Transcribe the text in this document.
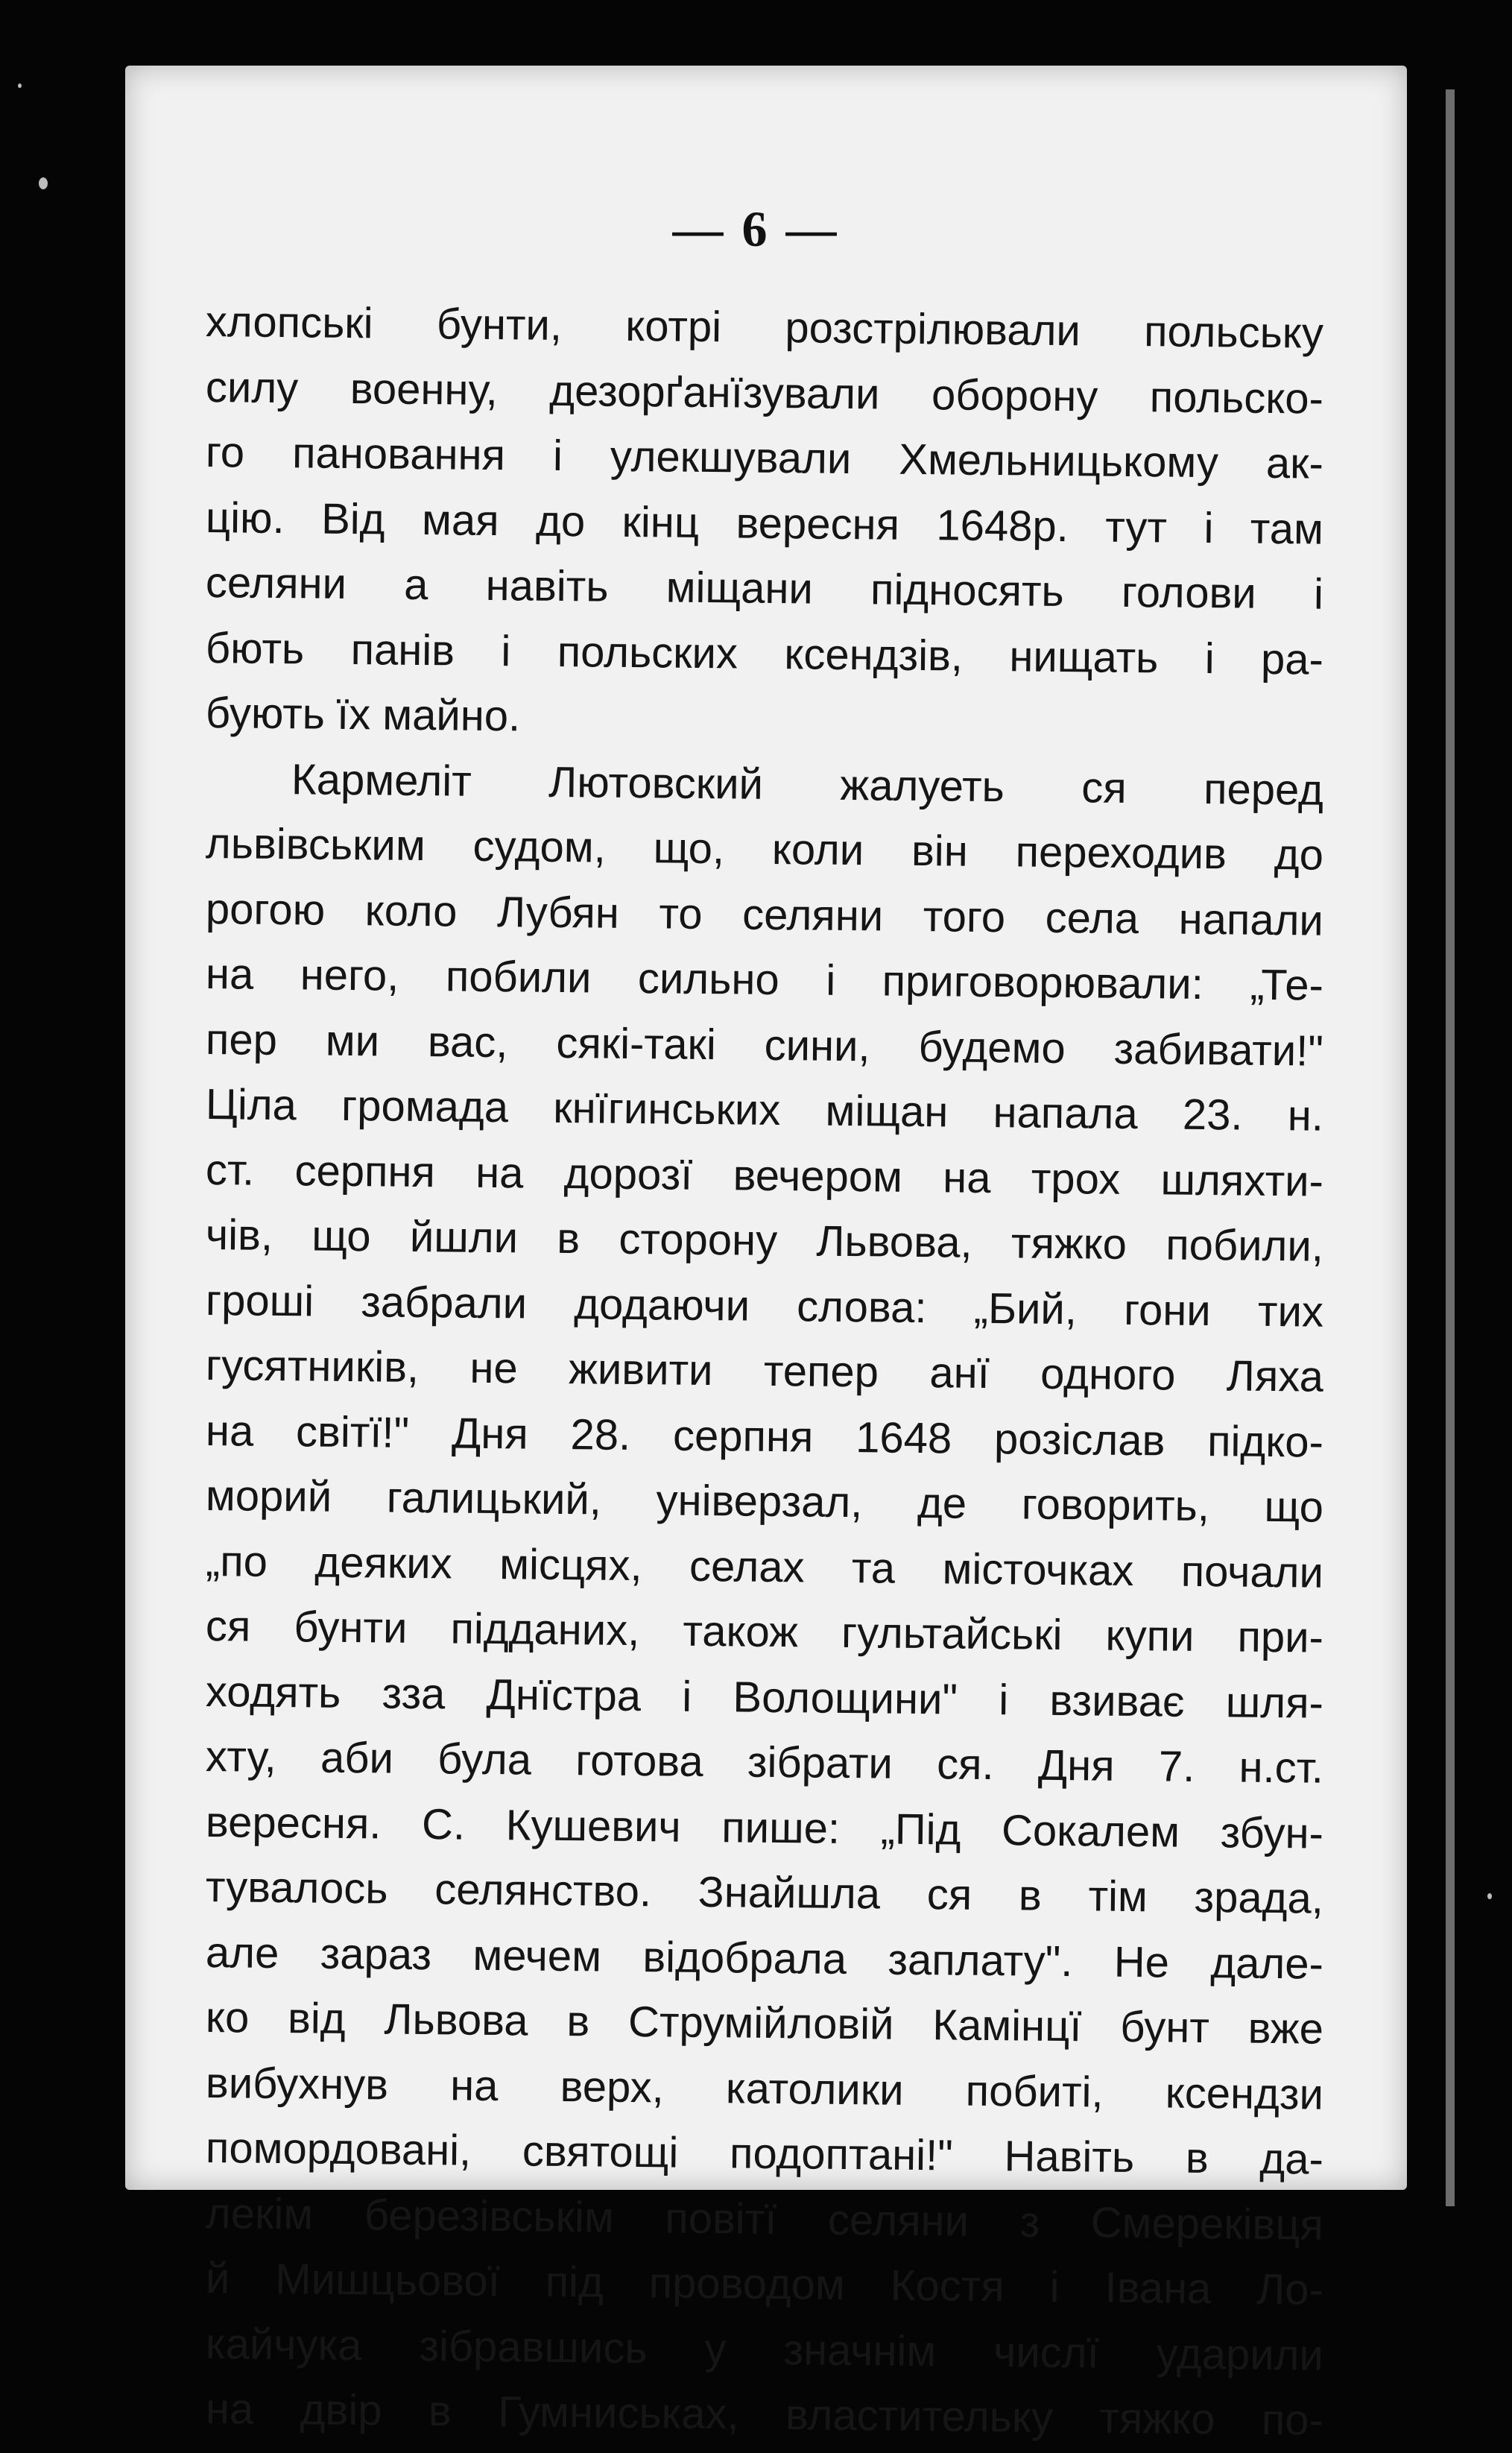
— 6 —
хлопські бунти, котрі розстрілювали польську
силу военну, дезорґанїзували оборону польско-
го пановання і улекшували Хмельницькому ак-
цію. Від мая до кінц вересня 1648р. тут і там
селяни а навіть міщани підносять голови і
бють панів і польских ксендзів, нищать і ра-
бують їх майно.
Кармеліт Лютовский жалуеть ся перед
львівським судом, що, коли він переходив до
рогою коло Лубян то селяни того села напали
на него, побили сильно і приговорювали: „Те-
пер ми вас, сякі-такі сини, будемо забивати!"
Ціла громада кнїгинських міщан напала 23. н.
ст. серпня на дорозї вечером на трох шляхти-
чів, що йшли в сторону Львова, тяжко побили,
гроші забрали додаючи слова: „Бий, гони тих
гусятників, не живити тепер анї одного Ляха
на світї!" Дня 28. серпня 1648 розіслав підко-
морий галицький, універзал, де говорить, що
„по деяких місцях, селах та місточках почали
ся бунти підданих, також гультайські купи при-
ходять зза Днїстра і Волощини" і взиває шля-
хту, аби була готова зібрати ся. Дня 7. н.ст.
вересня. С. Кушевич пише: „Під Сокалем збун-
тувалось селянство. Знайшла ся в тім зрада,
але зараз мечем відобрала заплату". Не дале-
ко від Львова в Струмійловій Камінцї бунт вже
вибухнув на верх, католики побиті, ксендзи
помордовані, святощі подоптані!" Навіть в да-
лекім березівськім повітї селяни з Смереківця
й Мишцьової під проводом Костя і Івана Ло-
кайчука зібравшись у значнім числї ударили
на двір в Гумниськах, властительку тяжко по-
